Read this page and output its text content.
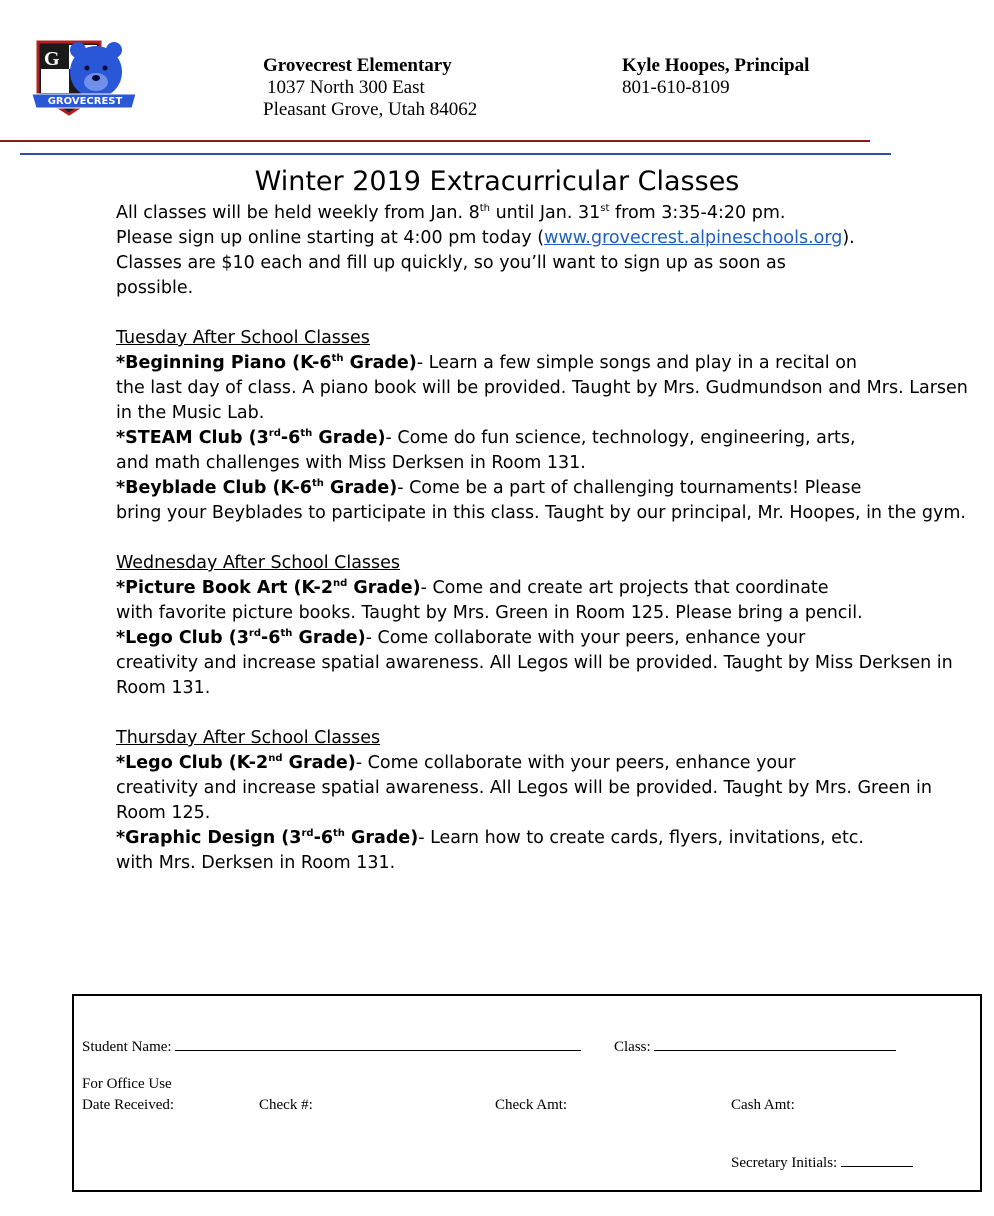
G
GROVECREST
Grovecrest Elementary
1037 North 300 East
Pleasant Grove, Utah 84062
Kyle Hoopes, Principal
801-610-8109
Winter 2019 Extracurricular Classes

All classes will be held weekly from Jan. 8th until Jan. 31st from 3:35-4:20 pm.
Please sign up online starting at 4:00 pm today (www.grovecrest.alpineschools.org).
Classes are $10 each and fill up quickly, so you’ll want to sign up as soon as
possible.

Tuesday After School Classes

*Beginning Piano (K-6th Grade)- Learn a few simple songs and play in a recital on
the last day of class. A piano book will be provided. Taught by Mrs. Gudmundson and Mrs. Larsen in the Music Lab.

*STEAM Club (3rd-6th Grade)- Come do fun science, technology, engineering, arts,
and math challenges with Miss Derksen in Room 131.

*Beyblade Club (K-6th Grade)- Come be a part of challenging tournaments! Please
bring your Beyblades to participate in this class. Taught by our principal, Mr. Hoopes, in the gym.

Wednesday After School Classes

*Picture Book Art (K-2nd Grade)- Come and create art projects that coordinate
with favorite picture books. Taught by Mrs. Green in Room 125. Please bring a pencil.

*Lego Club (3rd-6th Grade)- Come collaborate with your peers, enhance your
creativity and increase spatial awareness. All Legos will be provided. Taught by Miss Derksen in Room 131.

Thursday After School Classes

*Lego Club (K-2nd Grade)- Come collaborate with your peers, enhance your
creativity and increase spatial awareness. All Legos will be provided. Taught by Mrs. Green in Room 125.

*Graphic Design (3rd-6th Grade)- Learn how to create cards, flyers, invitations, etc.
with Mrs. Derksen in Room 131.

Student Name:	Class:
For Office Use
Date Received:	Check #:	Check Amt:	Cash Amt:
Secretary Initials:
